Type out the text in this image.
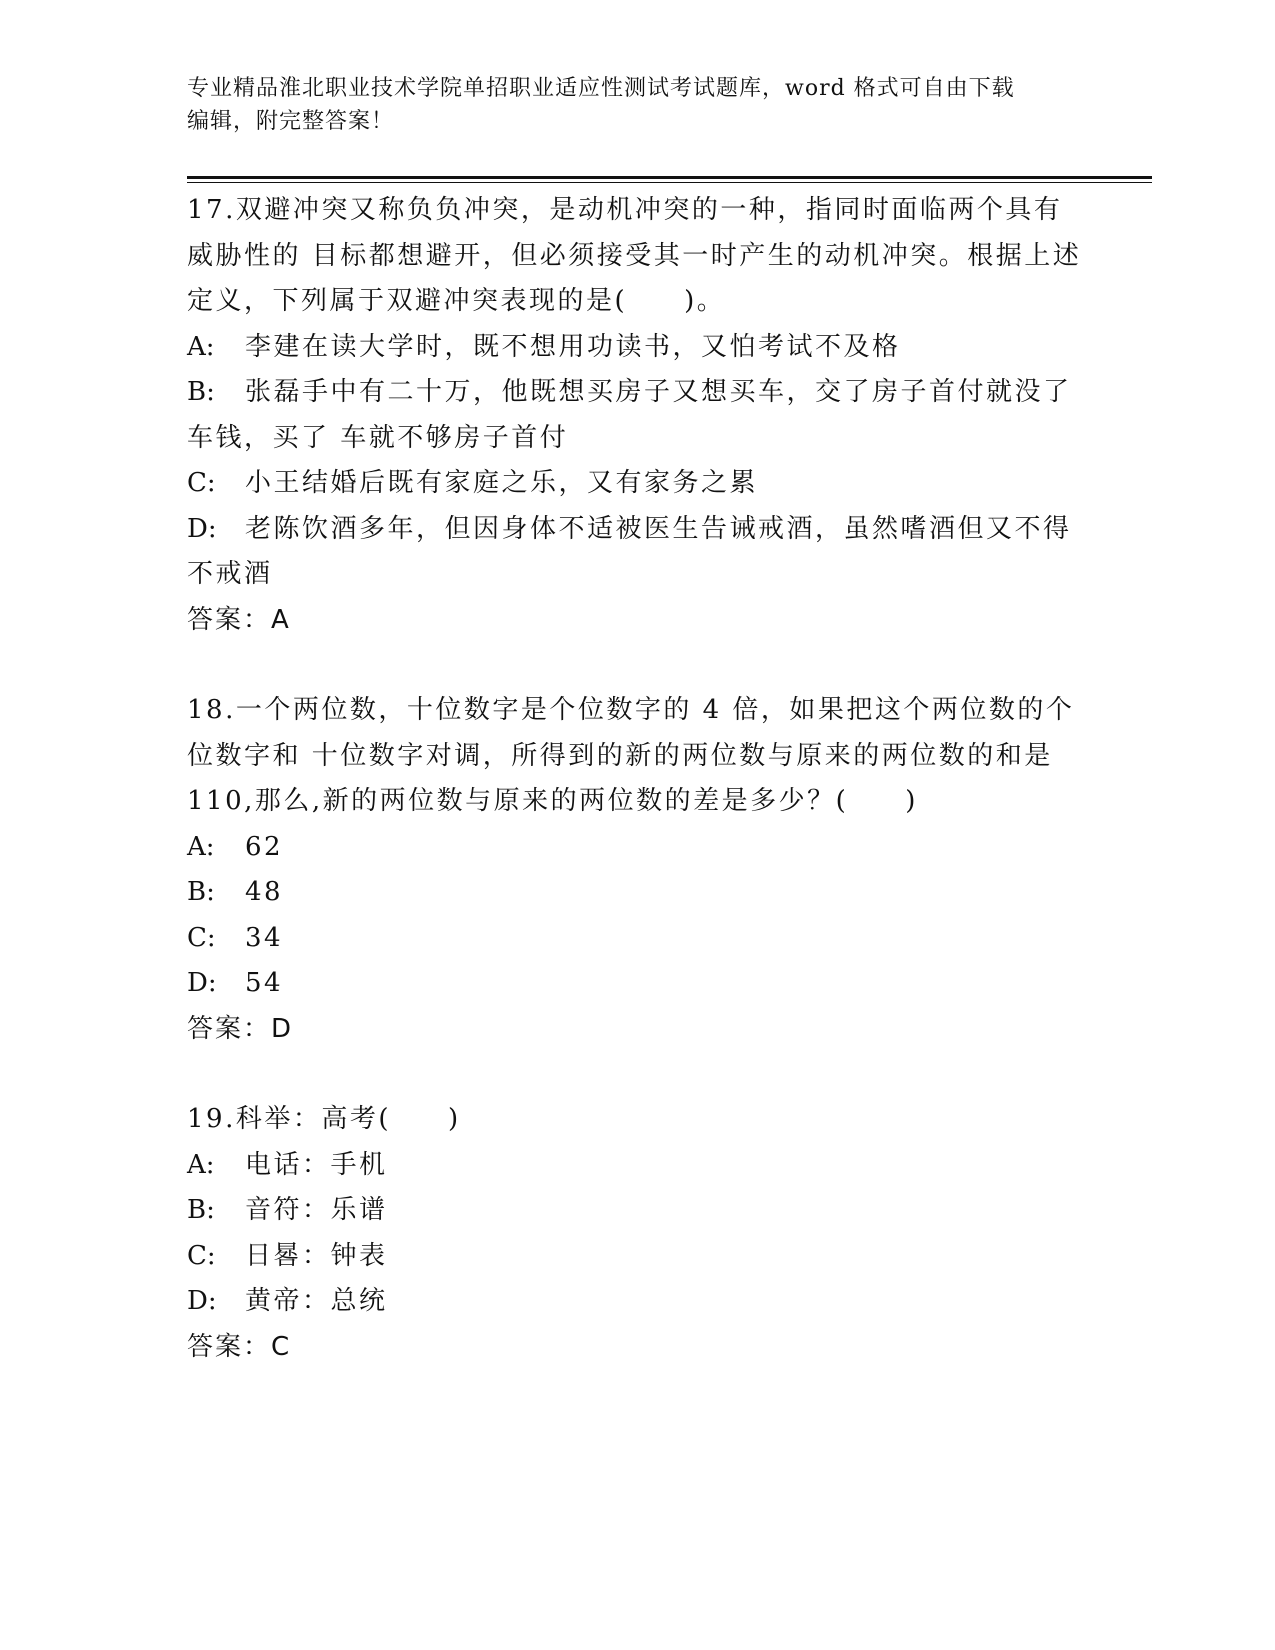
专业精品淮北职业技术学院单招职业适应性测试考试题库，word 格式可自由下载
编辑，附完整答案！

17.双避冲突又称负负冲突，是动机冲突的一种，指同时面临两个具有威胁性的 目标都想避开，但必须接受其一时产生的动机冲突。根据上述定义，下列属于双避冲突表现的是(　　)。

A:	李建在读大学时，既不想用功读书，又怕考试不及格
B: 张磊手中有二十万，他既想买房子又想买车，交了房子首付就没了车钱，买了 车就不够房子首付
C:	小王结婚后既有家庭之乐，又有家务之累
D: 老陈饮酒多年，但因身体不适被医生告诫戒酒，虽然嗜酒但又不得不戒酒

答案：A

18.一个两位数，十位数字是个位数字的 4 倍，如果把这个两位数的个位数字和 十位数字对调，所得到的新的两位数与原来的两位数的和是110,那么,新的两位数与原来的两位数的差是多少？(　　)

A:	62
B:	48
C:	34
D:	54

答案：D

19.科举：高考(　　)

A:	电话：手机
B:	音符：乐谱
C:	日晷：钟表
D:	黄帝：总统

答案：C
